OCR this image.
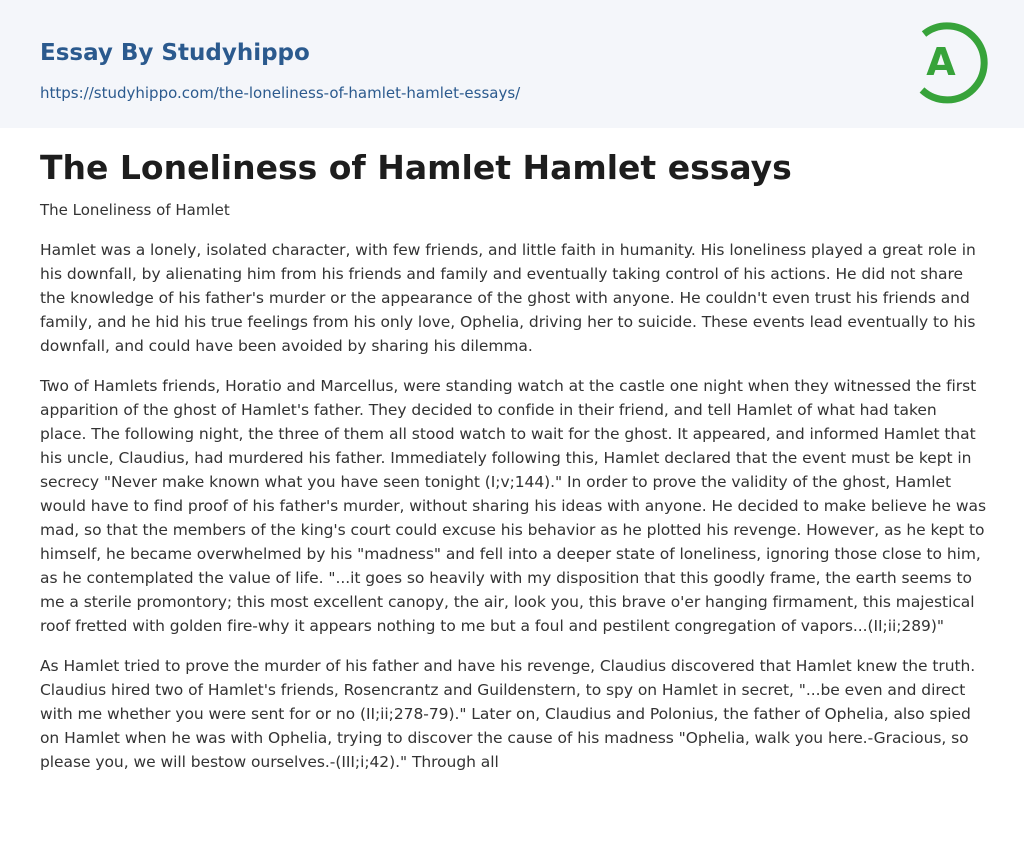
Essay By Studyhippo
https://studyhippo.com/the-loneliness-of-hamlet-hamlet-essays/
A
The Loneliness of Hamlet Hamlet essays
The Loneliness of Hamlet

Hamlet was a lonely, isolated character, with few friends, and little faith in humanity. His loneliness played a great role in his downfall, by alienating him from his friends and family and eventually taking control of his actions. He did not share the knowledge of his father's murder or the appearance of the ghost with anyone. He couldn't even trust his friends and family, and he hid his true feelings from his only love, Ophelia, driving her to suicide. These events lead eventually to his downfall, and could have been avoided by sharing his dilemma.

Two of Hamlets friends, Horatio and Marcellus, were standing watch at the castle one night when they witnessed the first apparition of the ghost of Hamlet's father. They decided to confide in their friend, and tell Hamlet of what had taken place. The following night, the three of them all stood watch to wait for the ghost. It appeared, and informed Hamlet that his uncle, Claudius, had murdered his father. Immediately following this, Hamlet declared that the event must be kept in secrecy "Never make known what you have seen tonight (I;v;144)." In order to prove the validity of the ghost, Hamlet would have to find proof of his father's murder, without sharing his ideas with anyone. He decided to make believe he was mad, so that the members of the king's court could excuse his behavior as he plotted his revenge. However, as he kept to himself, he became overwhelmed by his "madness" and fell into a deeper state of loneliness, ignoring those close to him, as he contemplated the value of life. "...it goes so heavily with my disposition that this goodly frame, the earth seems to me a sterile promontory; this most excellent canopy, the air, look you, this brave o'er hanging firmament, this majestical roof fretted with golden fire-why it appears nothing to me but a foul and pestilent congregation of vapors...(II;ii;289)"

As Hamlet tried to prove the murder of his father and have his revenge, Claudius discovered that Hamlet knew the truth. Claudius hired two of Hamlet's friends, Rosencrantz and Guildenstern, to spy on Hamlet in secret, "...be even and direct with me whether you were sent for or no (II;ii;278-79)." Later on, Claudius and Polonius, the father of Ophelia, also spied on Hamlet when he was with Ophelia, trying to discover the cause of his madness "Ophelia, walk you here.-Gracious, so please you, we will bestow ourselves.-(III;i;42)." Through all
